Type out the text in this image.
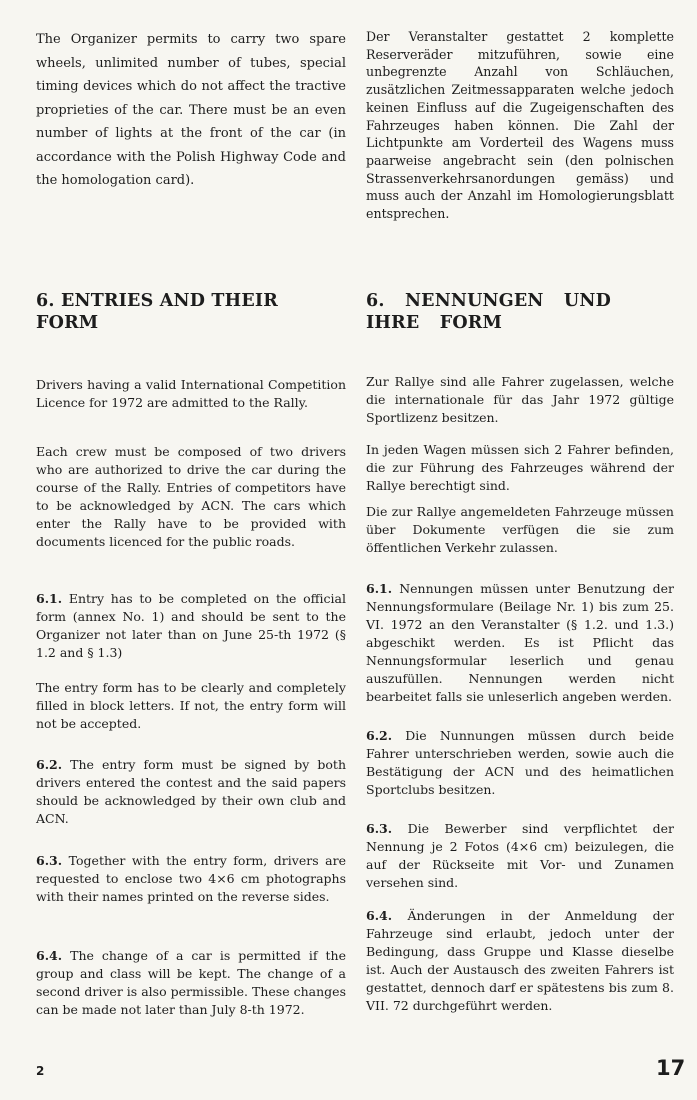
The Organizer permits to carry two spare wheels, unlimited number of tubes, special timing devices which do not affect the tractive proprieties of the car. There must be an even number of lights at the front of the car (in accordance with the Polish Highway Code and the homologation card).

6. ENTRIES AND THEIR FORM

Drivers having a valid International Competition Licence for 1972 are admitted to the Rally.

Each crew must be composed of two drivers who are authorized to drive the car during the course of the Rally. Entries of competitors have to be acknowledged by ACN. The cars which enter the Rally have to be provided with documents licenced for the public roads.

6.1. Entry has to be completed on the official form (annex No. 1) and should be sent to the Organizer not later than on June 25-th 1972 (§ 1.2 and § 1.3)

The entry form has to be clearly and completely filled in block letters. If not, the entry form will not be accepted.

6.2. The entry form must be signed by both drivers entered the contest and the said papers should be acknowledged by their own club and ACN.

6.3. Together with the entry form, drivers are requested to enclose two 4×6 cm photographs with their names printed on the reverse sides.

6.4. The change of a car is permitted if the group and class will be kept. The change of a second driver is also permissible. These changes can be made not later than July 8-th 1972.

Der Veranstalter gestattet 2 komplette Reserveräder mitzuführen, sowie eine unbegrenzte Anzahl von Schläuchen, zusätzlichen Zeitmessapparaten welche jedoch keinen Einfluss auf die Zugeigenschaften des Fahrzeuges haben können. Die Zahl der Lichtpunkte am Vorderteil des Wagens muss paarweise angebracht sein (den polnischen Strassenverkehrsanordungen gemäss) und muss auch der Anzahl im Homologierungsblatt entsprechen.

6. NENNUNGEN UND IHRE FORM

Zur Rallye sind alle Fahrer zugelassen, welche die internationale für das Jahr 1972 gültige Sportlizenz besitzen.

In jeden Wagen müssen sich 2 Fahrer befinden, die zur Führung des Fahrzeuges während der Rallye berechtigt sind.

Die zur Rallye angemeldeten Fahrzeuge müssen über Dokumente verfügen die sie zum öffentlichen Verkehr zulassen.

6.1. Nennungen müssen unter Benutzung der Nennungsformulare (Beilage Nr. 1) bis zum 25. VI. 1972 an den Veranstalter (§ 1.2. und 1.3.) abgeschikt werden. Es ist Pflicht das Nennungsformular leserlich und genau auszufüllen. Nennungen werden nicht bearbeitet falls sie unleserlich angeben werden.

6.2. Die Nunnungen müssen durch beide Fahrer unterschrieben werden, sowie auch die Bestätigung der ACN und des heimatlichen Sportclubs besitzen.

6.3. Die Bewerber sind verpflichtet der Nennung je 2 Fotos (4×6 cm) beizulegen, die auf der Rückseite mit Vor- und Zunamen versehen sind.

6.4. Änderungen in der Anmeldung der Fahrzeuge sind erlaubt, jedoch unter der Bedingung, dass Gruppe und Klasse dieselbe ist. Auch der Austausch des zweiten Fahrers ist gestattet, dennoch darf er spätestens bis zum 8. VII. 72 durchgeführt werden.

2	17
